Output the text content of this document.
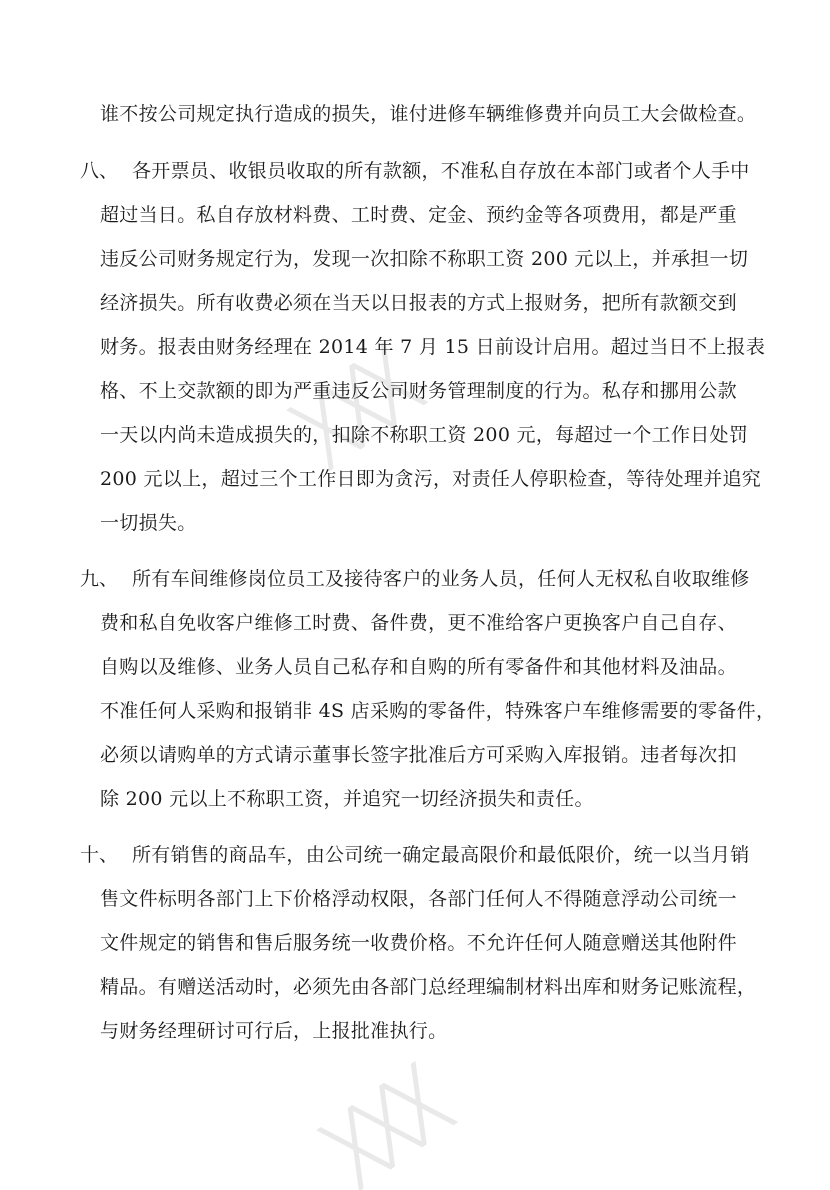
╳╳╳
╳╳╳
谁不按公司规定执行造成的损失，谁付进修车辆维修费并向员工大会做检查。
八、 各开票员、收银员收取的所有款额，不准私自存放在本部门或者个人手中
超过当日。私自存放材料费、工时费、定金、预约金等各项费用，都是严重
违反公司财务规定行为，发现一次扣除不称职工资 200 元以上，并承担一切
经济损失。所有收费必须在当天以日报表的方式上报财务，把所有款额交到
财务。报表由财务经理在 2014 年 7 月 15 日前设计启用。超过当日不上报表
格、不上交款额的即为严重违反公司财务管理制度的行为。私存和挪用公款
一天以内尚未造成损失的，扣除不称职工资 200 元，每超过一个工作日处罚
200 元以上，超过三个工作日即为贪污，对责任人停职检查，等待处理并追究
一切损失。
九、 所有车间维修岗位员工及接待客户的业务人员，任何人无权私自收取维修
费和私自免收客户维修工时费、备件费，更不准给客户更换客户自己自存、
自购以及维修、业务人员自己私存和自购的所有零备件和其他材料及油品。
不准任何人采购和报销非 4S 店采购的零备件，特殊客户车维修需要的零备件，
必须以请购单的方式请示董事长签字批准后方可采购入库报销。违者每次扣
除 200 元以上不称职工资，并追究一切经济损失和责任。
十、 所有销售的商品车，由公司统一确定最高限价和最低限价，统一以当月销
售文件标明各部门上下价格浮动权限，各部门任何人不得随意浮动公司统一
文件规定的销售和售后服务统一收费价格。不允许任何人随意赠送其他附件
精品。有赠送活动时，必须先由各部门总经理编制材料出库和财务记账流程，
与财务经理研讨可行后，上报批准执行。
